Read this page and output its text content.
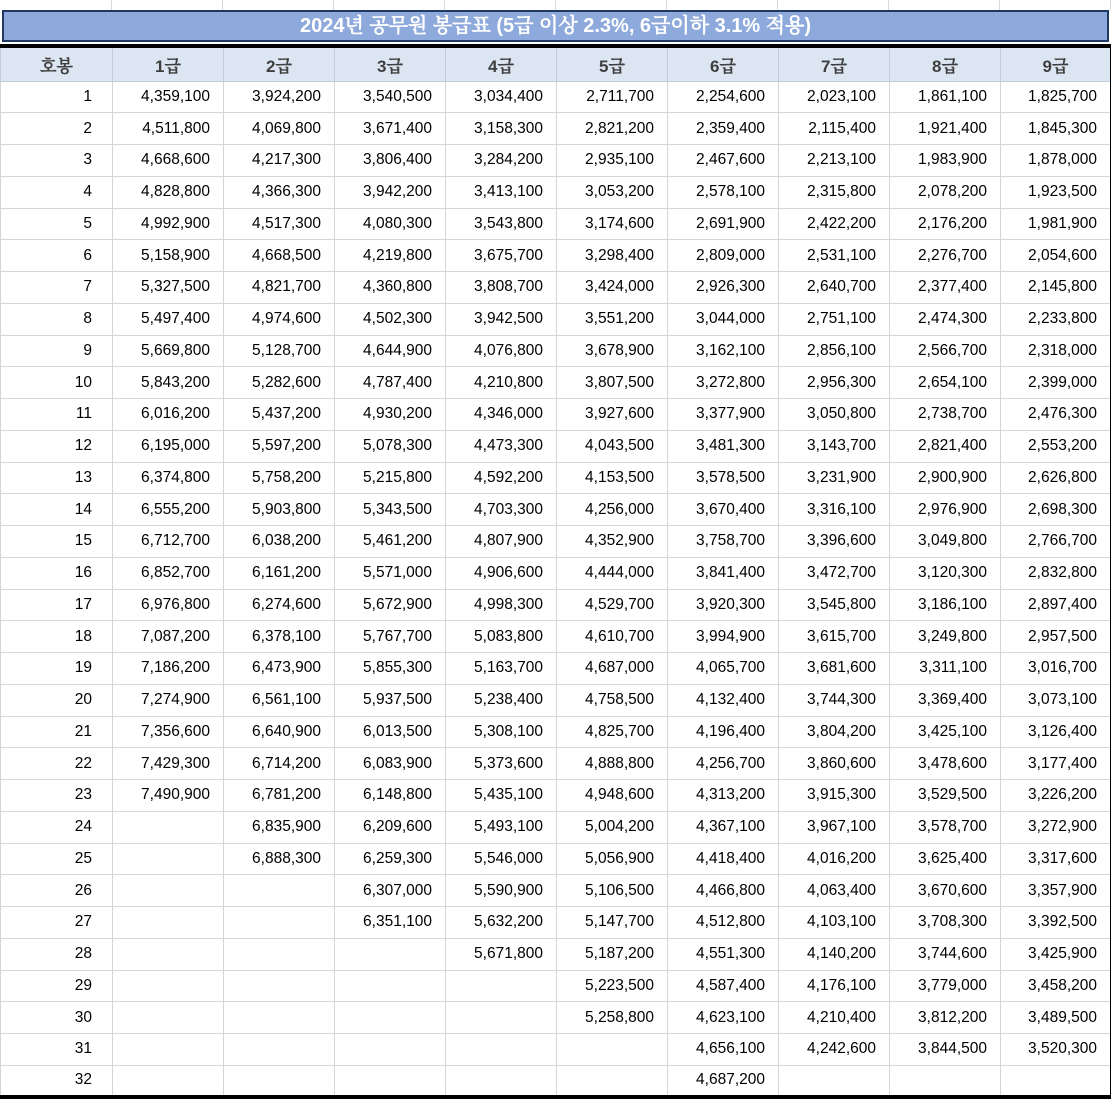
2024년 공무원 봉급표 (5급 이상 2.3%, 6급이하 3.1% 적용)
호봉	1급	2급	3급	4급	5급	6급	7급	8급	9급
1	4,359,100	3,924,200	3,540,500	3,034,400	2,711,700	2,254,600	2,023,100	1,861,100	1,825,700
2	4,511,800	4,069,800	3,671,400	3,158,300	2,821,200	2,359,400	2,115,400	1,921,400	1,845,300
3	4,668,600	4,217,300	3,806,400	3,284,200	2,935,100	2,467,600	2,213,100	1,983,900	1,878,000
4	4,828,800	4,366,300	3,942,200	3,413,100	3,053,200	2,578,100	2,315,800	2,078,200	1,923,500
5	4,992,900	4,517,300	4,080,300	3,543,800	3,174,600	2,691,900	2,422,200	2,176,200	1,981,900
6	5,158,900	4,668,500	4,219,800	3,675,700	3,298,400	2,809,000	2,531,100	2,276,700	2,054,600
7	5,327,500	4,821,700	4,360,800	3,808,700	3,424,000	2,926,300	2,640,700	2,377,400	2,145,800
8	5,497,400	4,974,600	4,502,300	3,942,500	3,551,200	3,044,000	2,751,100	2,474,300	2,233,800
9	5,669,800	5,128,700	4,644,900	4,076,800	3,678,900	3,162,100	2,856,100	2,566,700	2,318,000
10	5,843,200	5,282,600	4,787,400	4,210,800	3,807,500	3,272,800	2,956,300	2,654,100	2,399,000
11	6,016,200	5,437,200	4,930,200	4,346,000	3,927,600	3,377,900	3,050,800	2,738,700	2,476,300
12	6,195,000	5,597,200	5,078,300	4,473,300	4,043,500	3,481,300	3,143,700	2,821,400	2,553,200
13	6,374,800	5,758,200	5,215,800	4,592,200	4,153,500	3,578,500	3,231,900	2,900,900	2,626,800
14	6,555,200	5,903,800	5,343,500	4,703,300	4,256,000	3,670,400	3,316,100	2,976,900	2,698,300
15	6,712,700	6,038,200	5,461,200	4,807,900	4,352,900	3,758,700	3,396,600	3,049,800	2,766,700
16	6,852,700	6,161,200	5,571,000	4,906,600	4,444,000	3,841,400	3,472,700	3,120,300	2,832,800
17	6,976,800	6,274,600	5,672,900	4,998,300	4,529,700	3,920,300	3,545,800	3,186,100	2,897,400
18	7,087,200	6,378,100	5,767,700	5,083,800	4,610,700	3,994,900	3,615,700	3,249,800	2,957,500
19	7,186,200	6,473,900	5,855,300	5,163,700	4,687,000	4,065,700	3,681,600	3,311,100	3,016,700
20	7,274,900	6,561,100	5,937,500	5,238,400	4,758,500	4,132,400	3,744,300	3,369,400	3,073,100
21	7,356,600	6,640,900	6,013,500	5,308,100	4,825,700	4,196,400	3,804,200	3,425,100	3,126,400
22	7,429,300	6,714,200	6,083,900	5,373,600	4,888,800	4,256,700	3,860,600	3,478,600	3,177,400
23	7,490,900	6,781,200	6,148,800	5,435,100	4,948,600	4,313,200	3,915,300	3,529,500	3,226,200
24		6,835,900	6,209,600	5,493,100	5,004,200	4,367,100	3,967,100	3,578,700	3,272,900
25		6,888,300	6,259,300	5,546,000	5,056,900	4,418,400	4,016,200	3,625,400	3,317,600
26			6,307,000	5,590,900	5,106,500	4,466,800	4,063,400	3,670,600	3,357,900
27			6,351,100	5,632,200	5,147,700	4,512,800	4,103,100	3,708,300	3,392,500
28				5,671,800	5,187,200	4,551,300	4,140,200	3,744,600	3,425,900
29					5,223,500	4,587,400	4,176,100	3,779,000	3,458,200
30					5,258,800	4,623,100	4,210,400	3,812,200	3,489,500
31						4,656,100	4,242,600	3,844,500	3,520,300
32						4,687,200			
